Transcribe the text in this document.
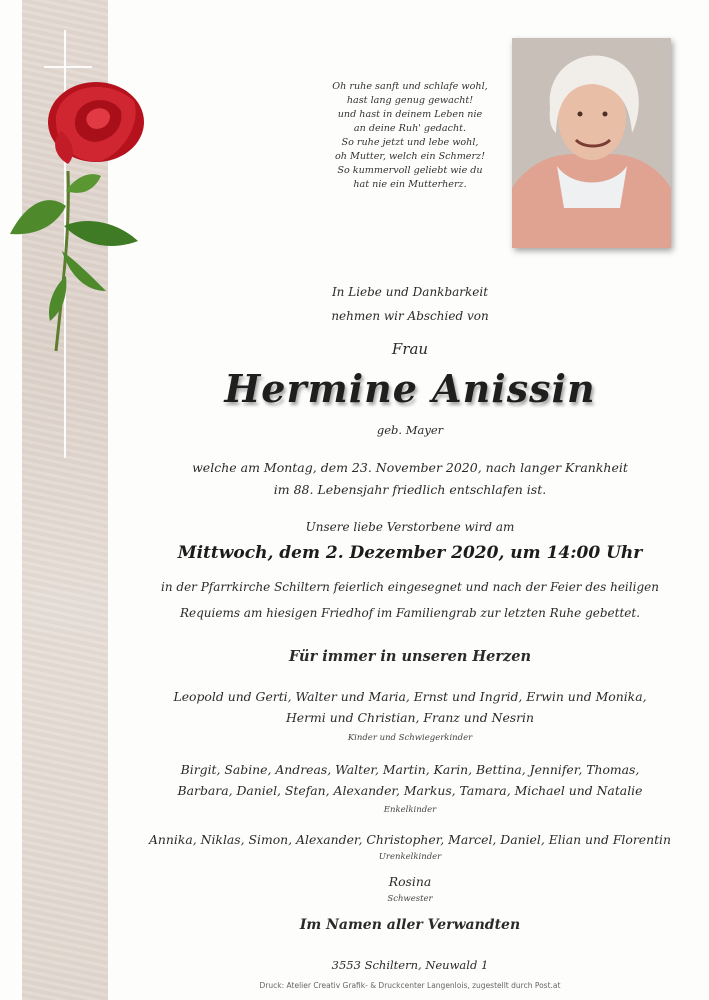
Oh ruhe sanft und schlafe wohl,
hast lang genug gewacht!
und hast in deinem Leben nie
an deine Ruh' gedacht.
So ruhe jetzt und lebe wohl,
oh Mutter, welch ein Schmerz!
So kummervoll geliebt wie du
hat nie ein Mutterherz.
In Liebe und Dankbarkeit
nehmen wir Abschied von
Frau
Hermine Anissin
geb. Mayer
welche am Montag, dem 23. November 2020, nach langer Krankheit
im 88. Lebensjahr friedlich entschlafen ist.
Unsere liebe Verstorbene wird am
Mittwoch, dem 2. Dezember 2020, um 14:00 Uhr
in der Pfarrkirche Schiltern feierlich eingesegnet und nach der Feier des heiligen
Requiems am hiesigen Friedhof im Familiengrab zur letzten Ruhe gebettet.
Für immer in unseren Herzen
Leopold und Gerti, Walter und Maria, Ernst und Ingrid, Erwin und Monika,
Hermi und Christian, Franz und Nesrin
Kinder und Schwiegerkinder
Birgit, Sabine, Andreas, Walter, Martin, Karin, Bettina, Jennifer, Thomas,
Barbara, Daniel, Stefan, Alexander, Markus, Tamara, Michael und Natalie
Enkelkinder
Annika, Niklas, Simon, Alexander, Christopher, Marcel, Daniel, Elian und Florentin
Urenkelkinder
Rosina
Schwester
Im Namen aller Verwandten
3553 Schiltern, Neuwald 1
Druck: Atelier Creativ Grafik- & Druckcenter Langenlois, zugestellt durch Post.at
